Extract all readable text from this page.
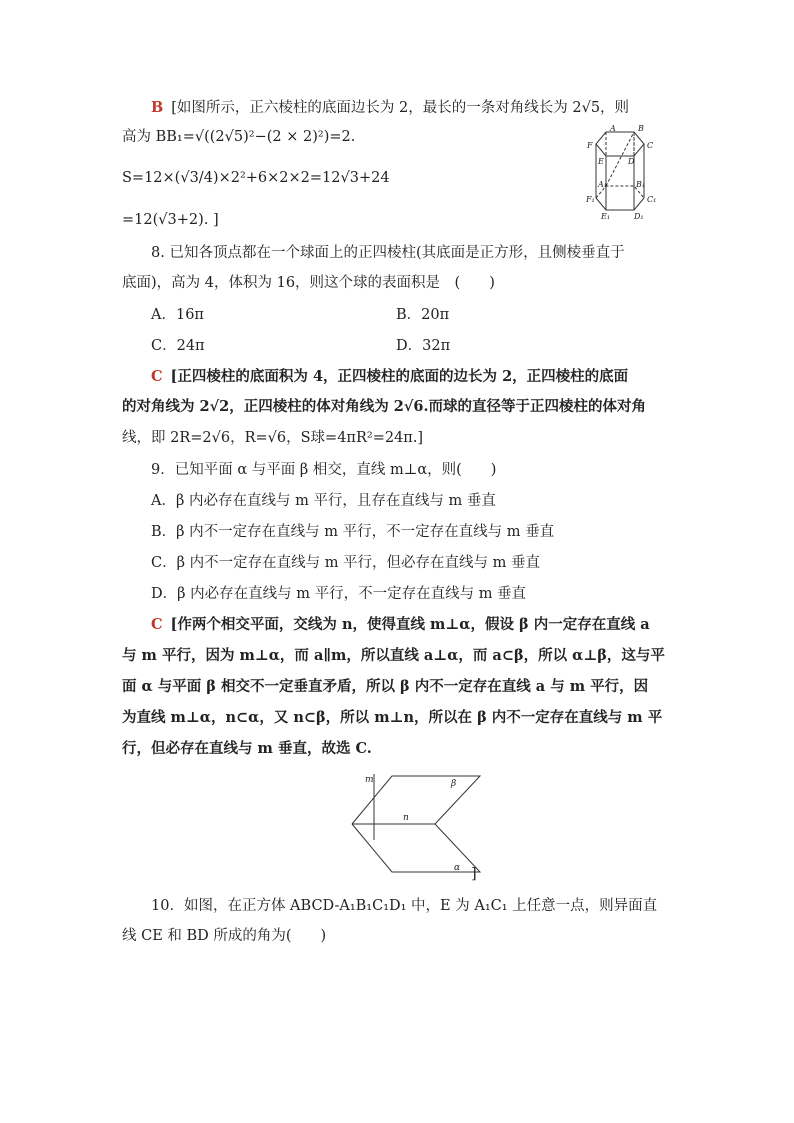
B [如图所示，正六棱柱的底面边长为 2，最长的一条对角线长为 2√5，则
高为 BB₁=√((2√5)²−(2 × 2)²)=2.
S=12×(√3/4)×2²+6×2×2=12√3+24
=12(√3+2). ]
A	B
F	C
E	D
A₁	B₁
F₁	C₁
E₁	D₁
8. 已知各顶点都在一个球面上的正四棱柱(其底面是正方形，且侧棱垂直于
底面)，高为 4，体积为 16，则这个球的表面积是　(　　)
A．16π	B．20π
C．24π	D．32π
C [正四棱柱的底面积为 4，正四棱柱的底面的边长为 2，正四棱柱的底面
的对角线为 2√2，正四棱柱的体对角线为 2√6.而球的直径等于正四棱柱的体对角
线，即 2R=2√6，R=√6，S球=4πR²=24π.]
9．已知平面 α 与平面 β 相交，直线 m⊥α，则(　　)
A．β 内必存在直线与 m 平行，且存在直线与 m 垂直
B．β 内不一定存在直线与 m 平行，不一定存在直线与 m 垂直
C．β 内不一定存在直线与 m 平行，但必存在直线与 m 垂直
D．β 内必存在直线与 m 平行，不一定存在直线与 m 垂直
C [作两个相交平面，交线为 n，使得直线 m⊥α，假设 β 内一定存在直线 a
与 m 平行，因为 m⊥α，而 a∥m，所以直线 a⊥α，而 a⊂β，所以 α⊥β，这与平
面 α 与平面 β 相交不一定垂直矛盾，所以 β 内不一定存在直线 a 与 m 平行，因
为直线 m⊥α，n⊂α，又 n⊂β，所以 m⊥n，所以在 β 内不一定存在直线与 m 平
行，但必存在直线与 m 垂直，故选 C.
m	β
n
α ]
10．如图，在正方体 ABCD-A₁B₁C₁D₁ 中，E 为 A₁C₁ 上任意一点，则异面直
线 CE 和 BD 所成的角为(　　)
